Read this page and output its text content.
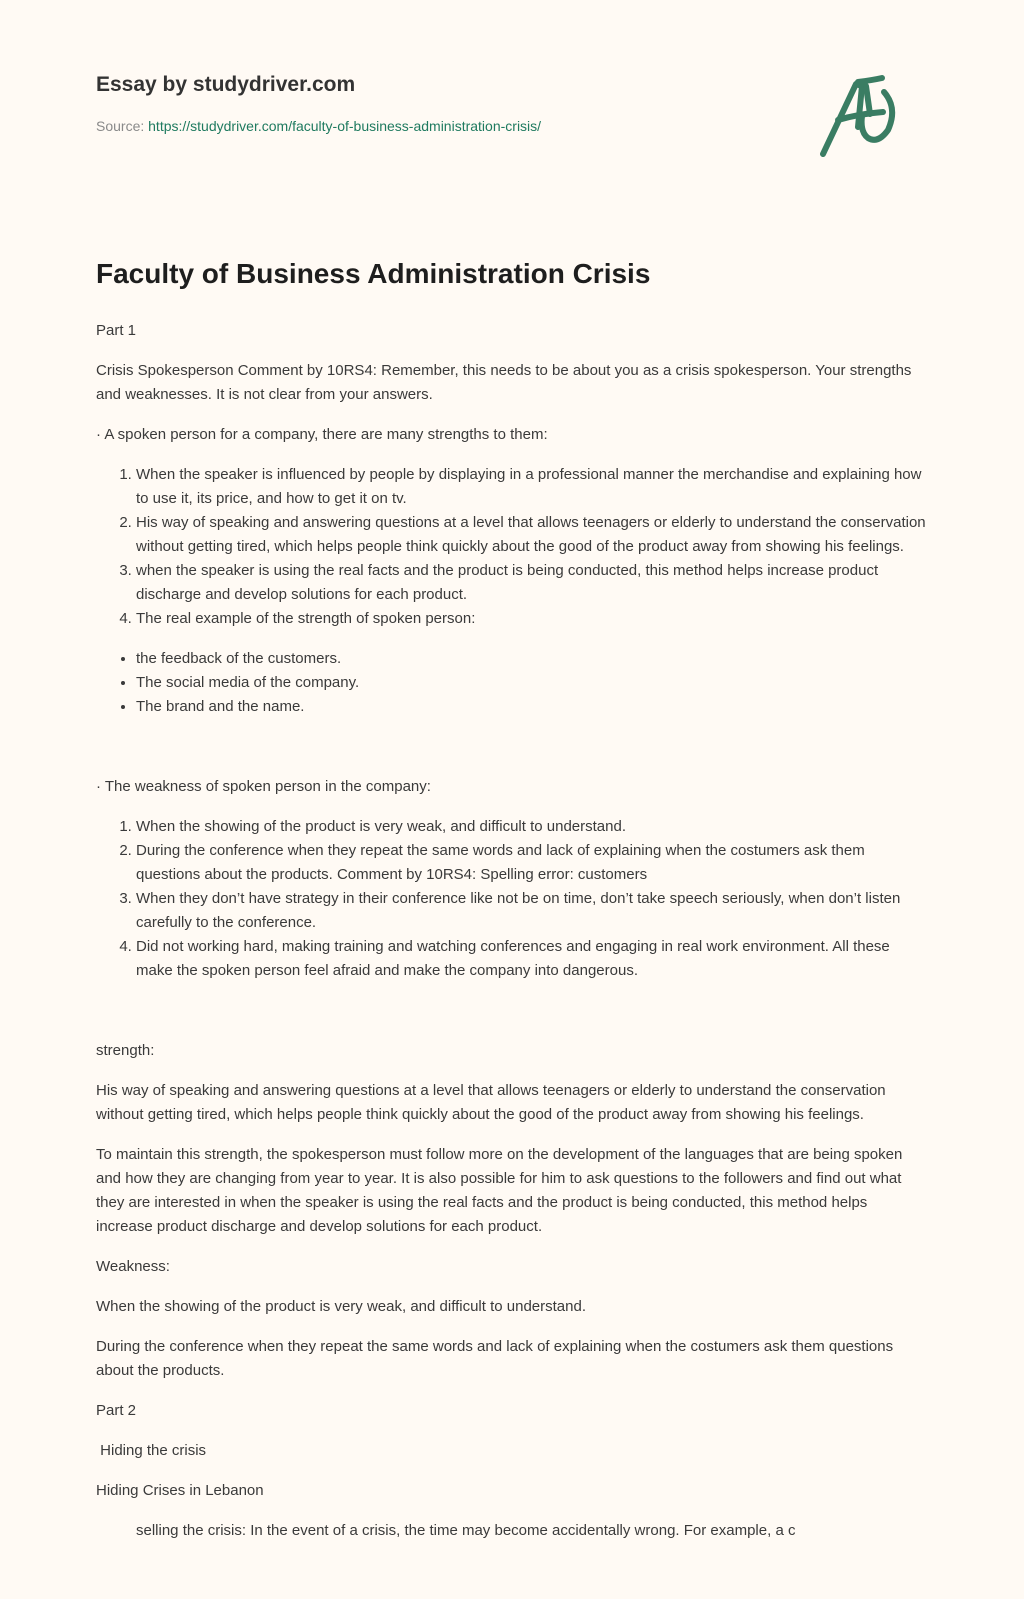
Essay by studydriver.com
Source: https://studydriver.com/faculty-of-business-administration-crisis/
Faculty of Business Administration Crisis

Part 1

Crisis Spokesperson Comment by 10RS4: Remember, this needs to be about you as a crisis spokesperson. Your strengths and weaknesses. It is not clear from your answers.

· A spoken person for a company, there are many strengths to them:

1. When the speaker is influenced by people by displaying in a professional manner the merchandise and explaining how to use it, its price, and how to get it on tv.
2. His way of speaking and answering questions at a level that allows teenagers or elderly to understand the conservation without getting tired, which helps people think quickly about the good of the product away from showing his feelings.
3. when the speaker is using the real facts and the product is being conducted, this method helps increase product discharge and develop solutions for each product.
4. The real example of the strength of spoken person:
• the feedback of the customers.
• The social media of the company.
• The brand and the name.

· The weakness of spoken person in the company:

1. When the showing of the product is very weak, and difficult to understand.
2. During the conference when they repeat the same words and lack of explaining when the costumers ask them questions about the products. Comment by 10RS4: Spelling error: customers
3. When they don’t have strategy in their conference like not be on time, don’t take speech seriously, when don’t listen carefully to the conference.
4. Did not working hard, making training and watching conferences and engaging in real work environment. All these make the spoken person feel afraid and make the company into dangerous.

strength:

His way of speaking and answering questions at a level that allows teenagers or elderly to understand the conservation without getting tired, which helps people think quickly about the good of the product away from showing his feelings.

To maintain this strength, the spokesperson must follow more on the development of the languages that are being spoken and how they are changing from year to year. It is also possible for him to ask questions to the followers and find out what they are interested in when the speaker is using the real facts and the product is being conducted, this method helps increase product discharge and develop solutions for each product.

Weakness:

When the showing of the product is very weak, and difficult to understand.

During the conference when they repeat the same words and lack of explaining when the costumers ask them questions about the products.

Part 2

Hiding the crisis

Hiding Crises in Lebanon

1. selling the crisis: In the event of a crisis, the time may become accidentally wrong. For example, a c
